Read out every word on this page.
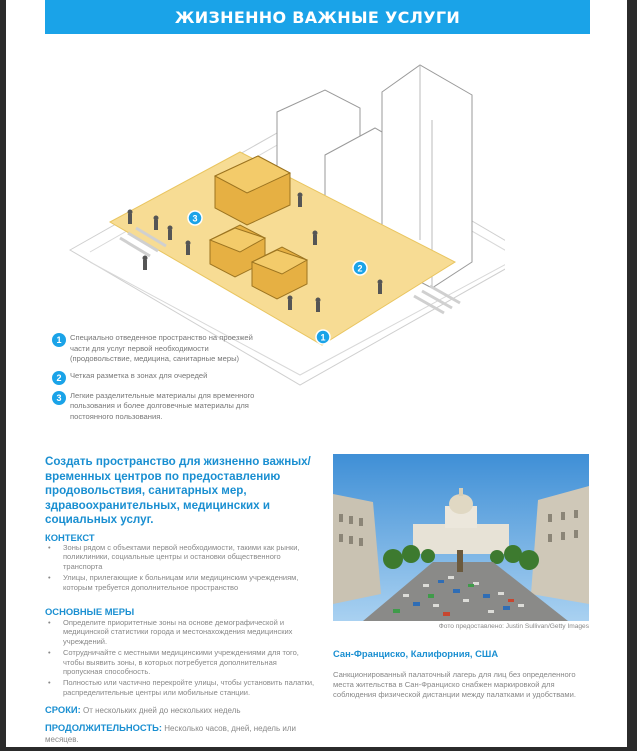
ЖИЗНЕННО ВАЖНЫЕ УСЛУГИ
3
2
1
1	Специально отведенное пространство на проезжей части для услуг первой необходимости (продовольствие, медицина, санитарные меры)
2	Четкая разметка в зонах для очередей
3	Легкие разделительные материалы для временного пользования и более долговечные материалы для постоянного пользования.
Создать пространство для жизненно важных/временных центров по предоставлению продовольствия, санитарных мер, здравоохранительных, медицинских и социальных услуг.
КОНТЕКСТ
• Зоны рядом с объектами первой необходимости, такими как рынки, поликлиники, социальные центры и остановки общественного транспорта
• Улицы, прилегающие к больницам или медицинским учреждениям, которым требуется дополнительное пространство
ОСНОВНЫЕ МЕРЫ
• Определите приоритетные зоны на основе демографической и медицинской статистики города и местонахождения медицинских учреждений.
• Сотрудничайте с местными медицинскими учреждениями для того, чтобы выявить зоны, в которых потребуется дополнительная пропускная способность.
• Полностью или частично перекройте улицы, чтобы установить палатки, распределительные центры или мобильные станции.
СРОКИ: От нескольких дней до нескольких недель
ПРОДОЛЖИТЕЛЬНОСТЬ: Несколько часов, дней, недель или месяцев.
Фото предоставлено: Justin Sullivan/Getty Images
Сан-Франциско, Калифорния, США
Санкционированный палаточный лагерь для лиц без определенного места жительства в Сан-Франциско снабжен маркировкой для соблюдения физической дистанции между палатками и удобствами.
